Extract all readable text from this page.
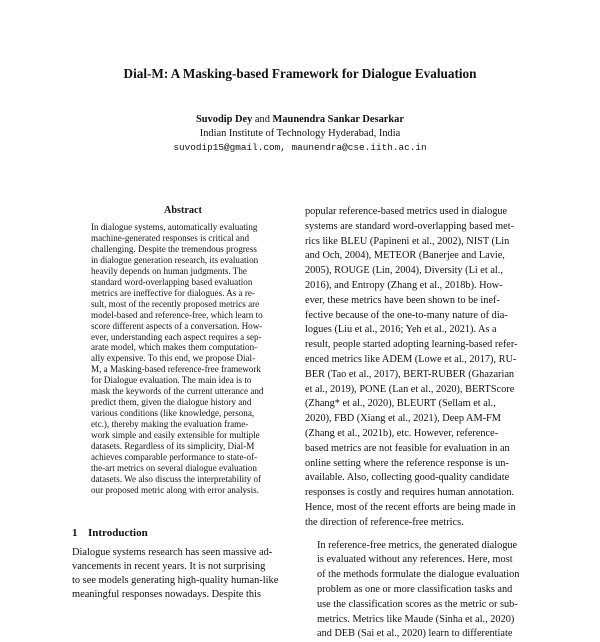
Dial-M: A Masking-based Framework for Dialogue Evaluation
Suvodip Dey and Maunendra Sankar Desarkar
Indian Institute of Technology Hyderabad, India
suvodip15@gmail.com, maunendra@cse.iith.ac.in
Abstract
In dialogue systems, automatically evaluating
machine-generated responses is critical and
challenging. Despite the tremendous progress
in dialogue generation research, its evaluation
heavily depends on human judgments. The
standard word-overlapping based evaluation
metrics are ineffective for dialogues. As a re-
sult, most of the recently proposed metrics are
model-based and reference-free, which learn to
score different aspects of a conversation. How-
ever, understanding each aspect requires a sep-
arate model, which makes them computation-
ally expensive. To this end, we propose Dial-
M, a Masking-based reference-free framework
for Dialogue evaluation. The main idea is to
mask the keywords of the current utterance and
predict them, given the dialogue history and
various conditions (like knowledge, persona,
etc.), thereby making the evaluation frame-
work simple and easily extensible for multiple
datasets. Regardless of its simplicity, Dial-M
achieves comparable performance to state-of-
the-art metrics on several dialogue evaluation
datasets. We also discuss the interpretability of
our proposed metric along with error analysis.
1 Introduction
Dialogue systems research has seen massive ad-
vancements in recent years. It is not surprising
to see models generating high-quality human-like
meaningful responses nowadays. Despite this

popular reference-based metrics used in dialogue
systems are standard word-overlapping based met-
rics like BLEU (Papineni et al., 2002), NIST (Lin
and Och, 2004), METEOR (Banerjee and Lavie,
2005), ROUGE (Lin, 2004), Diversity (Li et al.,
2016), and Entropy (Zhang et al., 2018b). How-
ever, these metrics have been shown to be inef-
fective because of the one-to-many nature of dia-
logues (Liu et al., 2016; Yeh et al., 2021). As a
result, people started adopting learning-based refer-
enced metrics like ADEM (Lowe et al., 2017), RU-
BER (Tao et al., 2017), BERT-RUBER (Ghazarian
et al., 2019), PONE (Lan et al., 2020), BERTScore
(Zhang* et al., 2020), BLEURT (Sellam et al.,
2020), FBD (Xiang et al., 2021), Deep AM-FM
(Zhang et al., 2021b), etc. However, reference-
based metrics are not feasible for evaluation in an
online setting where the reference response is un-
available. Also, collecting good-quality candidate
responses is costly and requires human annotation.
Hence, most of the recent efforts are being made in
the direction of reference-free metrics.

In reference-free metrics, the generated dialogue
is evaluated without any references. Here, most
of the methods formulate the dialogue evaluation
problem as one or more classification tasks and
use the classification scores as the metric or sub-
metrics. Metrics like Maude (Sinha et al., 2020)
and DEB (Sai et al., 2020) learn to differentiate
